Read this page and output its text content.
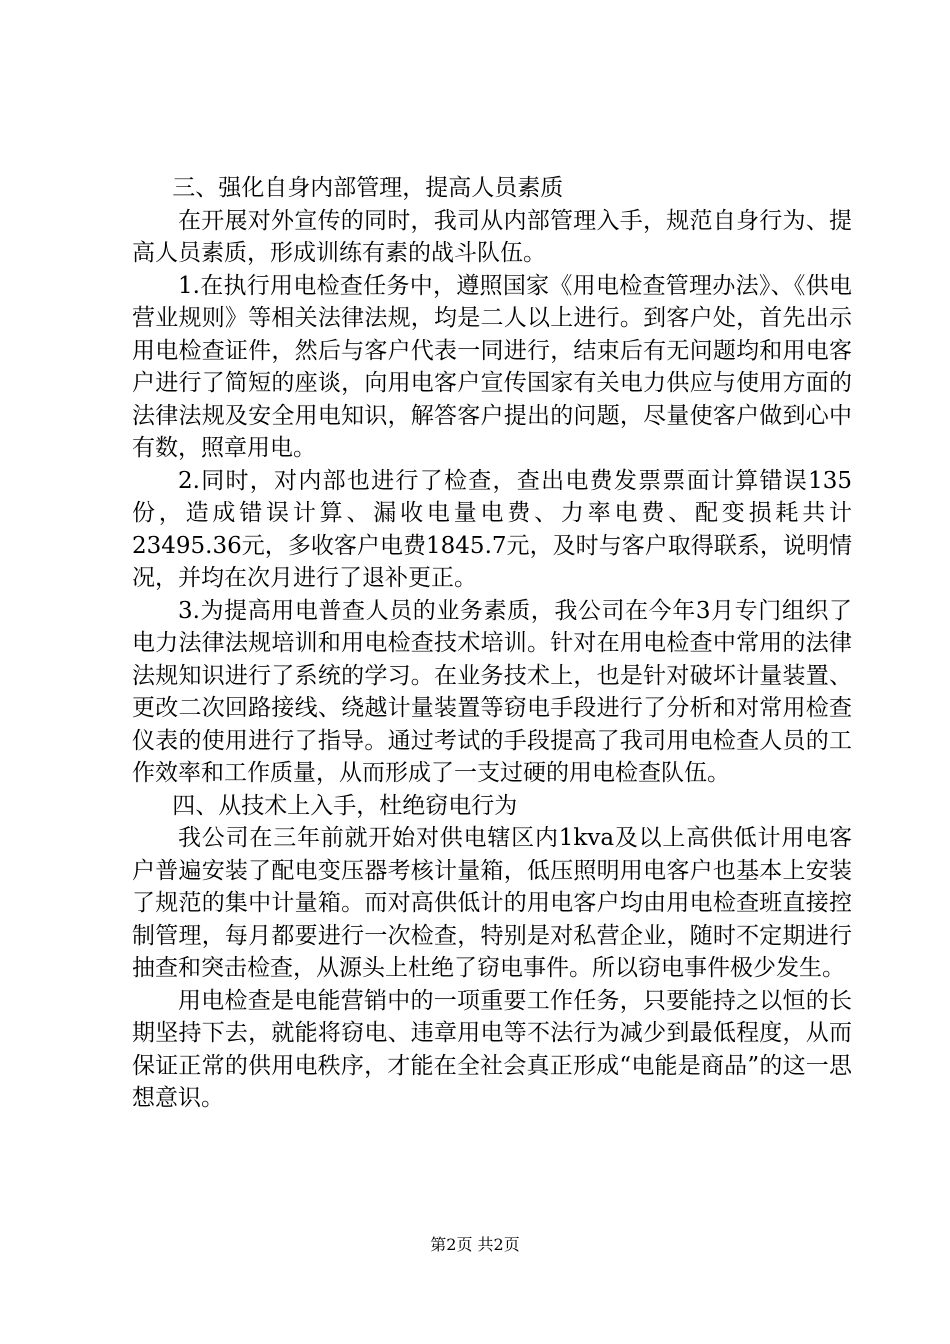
三、强化自身内部管理，提高人员素质

在开展对外宣传的同时，我司从内部管理入手，规范自身行为、提高人员素质，形成训练有素的战斗队伍。

1.在执行用电检查任务中，遵照国家《用电检查管理办法》、《供电营业规则》等相关法律法规，均是二人以上进行。到客户处，首先出示用电检查证件，然后与客户代表一同进行，结束后有无问题均和用电客户进行了简短的座谈，向用电客户宣传国家有关电力供应与使用方面的法律法规及安全用电知识，解答客户提出的问题，尽量使客户做到心中有数，照章用电。

2.同时，对内部也进行了检查，查出电费发票票面计算错误135份，造成错误计算、漏收电量电费、力率电费、配变损耗共计23495.36元，多收客户电费1845.7元，及时与客户取得联系，说明情况，并均在次月进行了退补更正。

3.为提高用电普查人员的业务素质，我公司在今年3月专门组织了电力法律法规培训和用电检查技术培训。针对在用电检查中常用的法律法规知识进行了系统的学习。在业务技术上，也是针对破坏计量装置、更改二次回路接线、绕越计量装置等窃电手段进行了分析和对常用检查仪表的使用进行了指导。通过考试的手段提高了我司用电检查人员的工作效率和工作质量，从而形成了一支过硬的用电检查队伍。

四、从技术上入手，杜绝窃电行为

我公司在三年前就开始对供电辖区内1kva及以上高供低计用电客户普遍安装了配电变压器考核计量箱，低压照明用电客户也基本上安装了规范的集中计量箱。而对高供低计的用电客户均由用电检查班直接控制管理，每月都要进行一次检查，特别是对私营企业，随时不定期进行抽查和突击检查，从源头上杜绝了窃电事件。所以窃电事件极少发生。

用电检查是电能营销中的一项重要工作任务，只要能持之以恒的长期坚持下去，就能将窃电、违章用电等不法行为减少到最低程度，从而保证正常的供用电秩序，才能在全社会真正形成“电能是商品”的这一思想意识。

第2页 共2页
